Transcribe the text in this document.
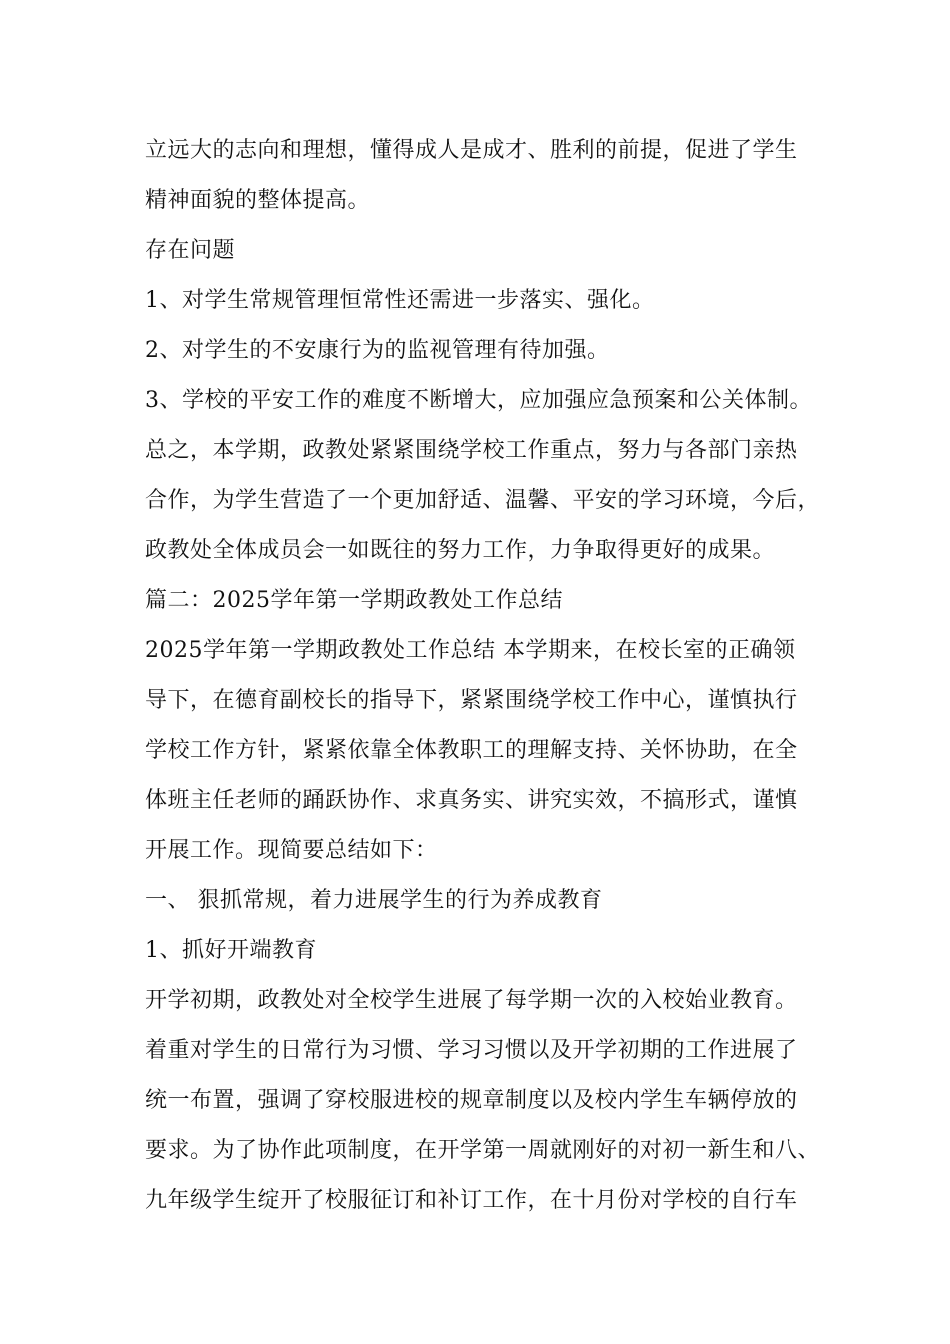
立远大的志向和理想，懂得成人是成才、胜利的前提，促进了学生
精神面貌的整体提高。
存在问题
1、对学生常规管理恒常性还需进一步落实、强化。
2、对学生的不安康行为的监视管理有待加强。
3、学校的平安工作的难度不断增大，应加强应急预案和公关体制。
总之，本学期，政教处紧紧围绕学校工作重点，努力与各部门亲热
合作，为学生营造了一个更加舒适、温馨、平安的学习环境，今后，
政教处全体成员会一如既往的努力工作，力争取得更好的成果。
篇二：2025学年第一学期政教处工作总结
2025学年第一学期政教处工作总结 本学期来，在校长室的正确领
导下，在德育副校长的指导下，紧紧围绕学校工作中心，谨慎执行
学校工作方针，紧紧依靠全体教职工的理解支持、关怀协助，在全
体班主任老师的踊跃协作、求真务实、讲究实效，不搞形式，谨慎
开展工作。现简要总结如下：
一、 狠抓常规，着力进展学生的行为养成教育
1、抓好开端教育
开学初期，政教处对全校学生进展了每学期一次的入校始业教育。
着重对学生的日常行为习惯、学习习惯以及开学初期的工作进展了
统一布置，强调了穿校服进校的规章制度以及校内学生车辆停放的
要求。为了协作此项制度，在开学第一周就刚好的对初一新生和八、
九年级学生绽开了校服征订和补订工作，在十月份对学校的自行车
